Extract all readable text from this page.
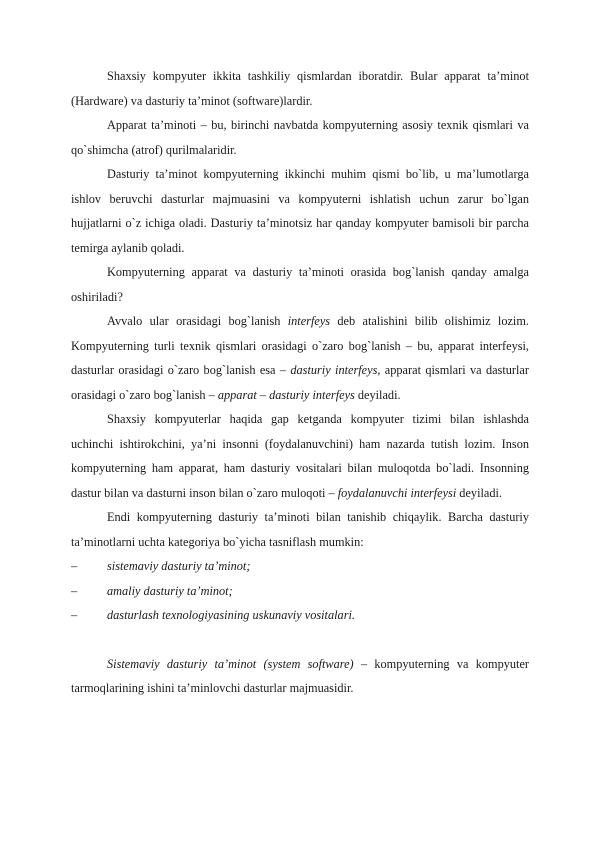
Shaxsiy kompyuter ikkita tashkiliy qismlardan iboratdir. Bular apparat ta’minot (Hardware) va dasturiy ta’minot (software)lardir.

Apparat ta’minoti – bu, birinchi navbatda kompyuterning asosiy texnik qismlari va qo`shimcha (atrof) qurilmalaridir.

Dasturiy ta’minot kompyuterning ikkinchi muhim qismi bo`lib, u ma’lumotlarga ishlov beruvchi dasturlar majmuasini va kompyuterni ishlatish uchun zarur bo`lgan hujjatlarni o`z ichiga oladi. Dasturiy ta’minotsiz har qanday kompyuter bamisoli bir parcha temirga aylanib qoladi.

Kompyuterning apparat va dasturiy ta’minoti orasida bog`lanish qanday amalga oshiriladi?

Avvalo ular orasidagi bog`lanish interfeys deb atalishini bilib olishimiz lozim. Kompyuterning turli texnik qismlari orasidagi o`zaro bog`lanish – bu, apparat interfeysi, dasturlar orasidagi o`zaro bog`lanish esa – dasturiy interfeys, apparat qismlari va dasturlar orasidagi o`zaro bog`lanish – apparat – dasturiy interfeys deyiladi.

Shaxsiy kompyuterlar haqida gap ketganda kompyuter tizimi bilan ishlashda uchinchi ishtirokchini, ya’ni insonni (foydalanuvchini) ham nazarda tutish lozim. Inson kompyuterning ham apparat, ham dasturiy vositalari bilan muloqotda bo`ladi. Insonning dastur bilan va dasturni inson bilan o`zaro muloqoti – foydalanuvchi interfeysi deyiladi.

Endi kompyuterning dasturiy ta’minoti bilan tanishib chiqaylik. Barcha dasturiy ta’minotlarni uchta kategoriya bo`yicha tasniflash mumkin:

–	sistemaviy dasturiy ta’minot;
–	amaliy dasturiy ta’minot;
–	dasturlash texnologiyasining uskunaviy vositalari.

Sistemaviy dasturiy ta’minot (system software) – kompyuterning va kompyuter tarmoqlarining ishini ta’minlovchi dasturlar majmuasidir.
